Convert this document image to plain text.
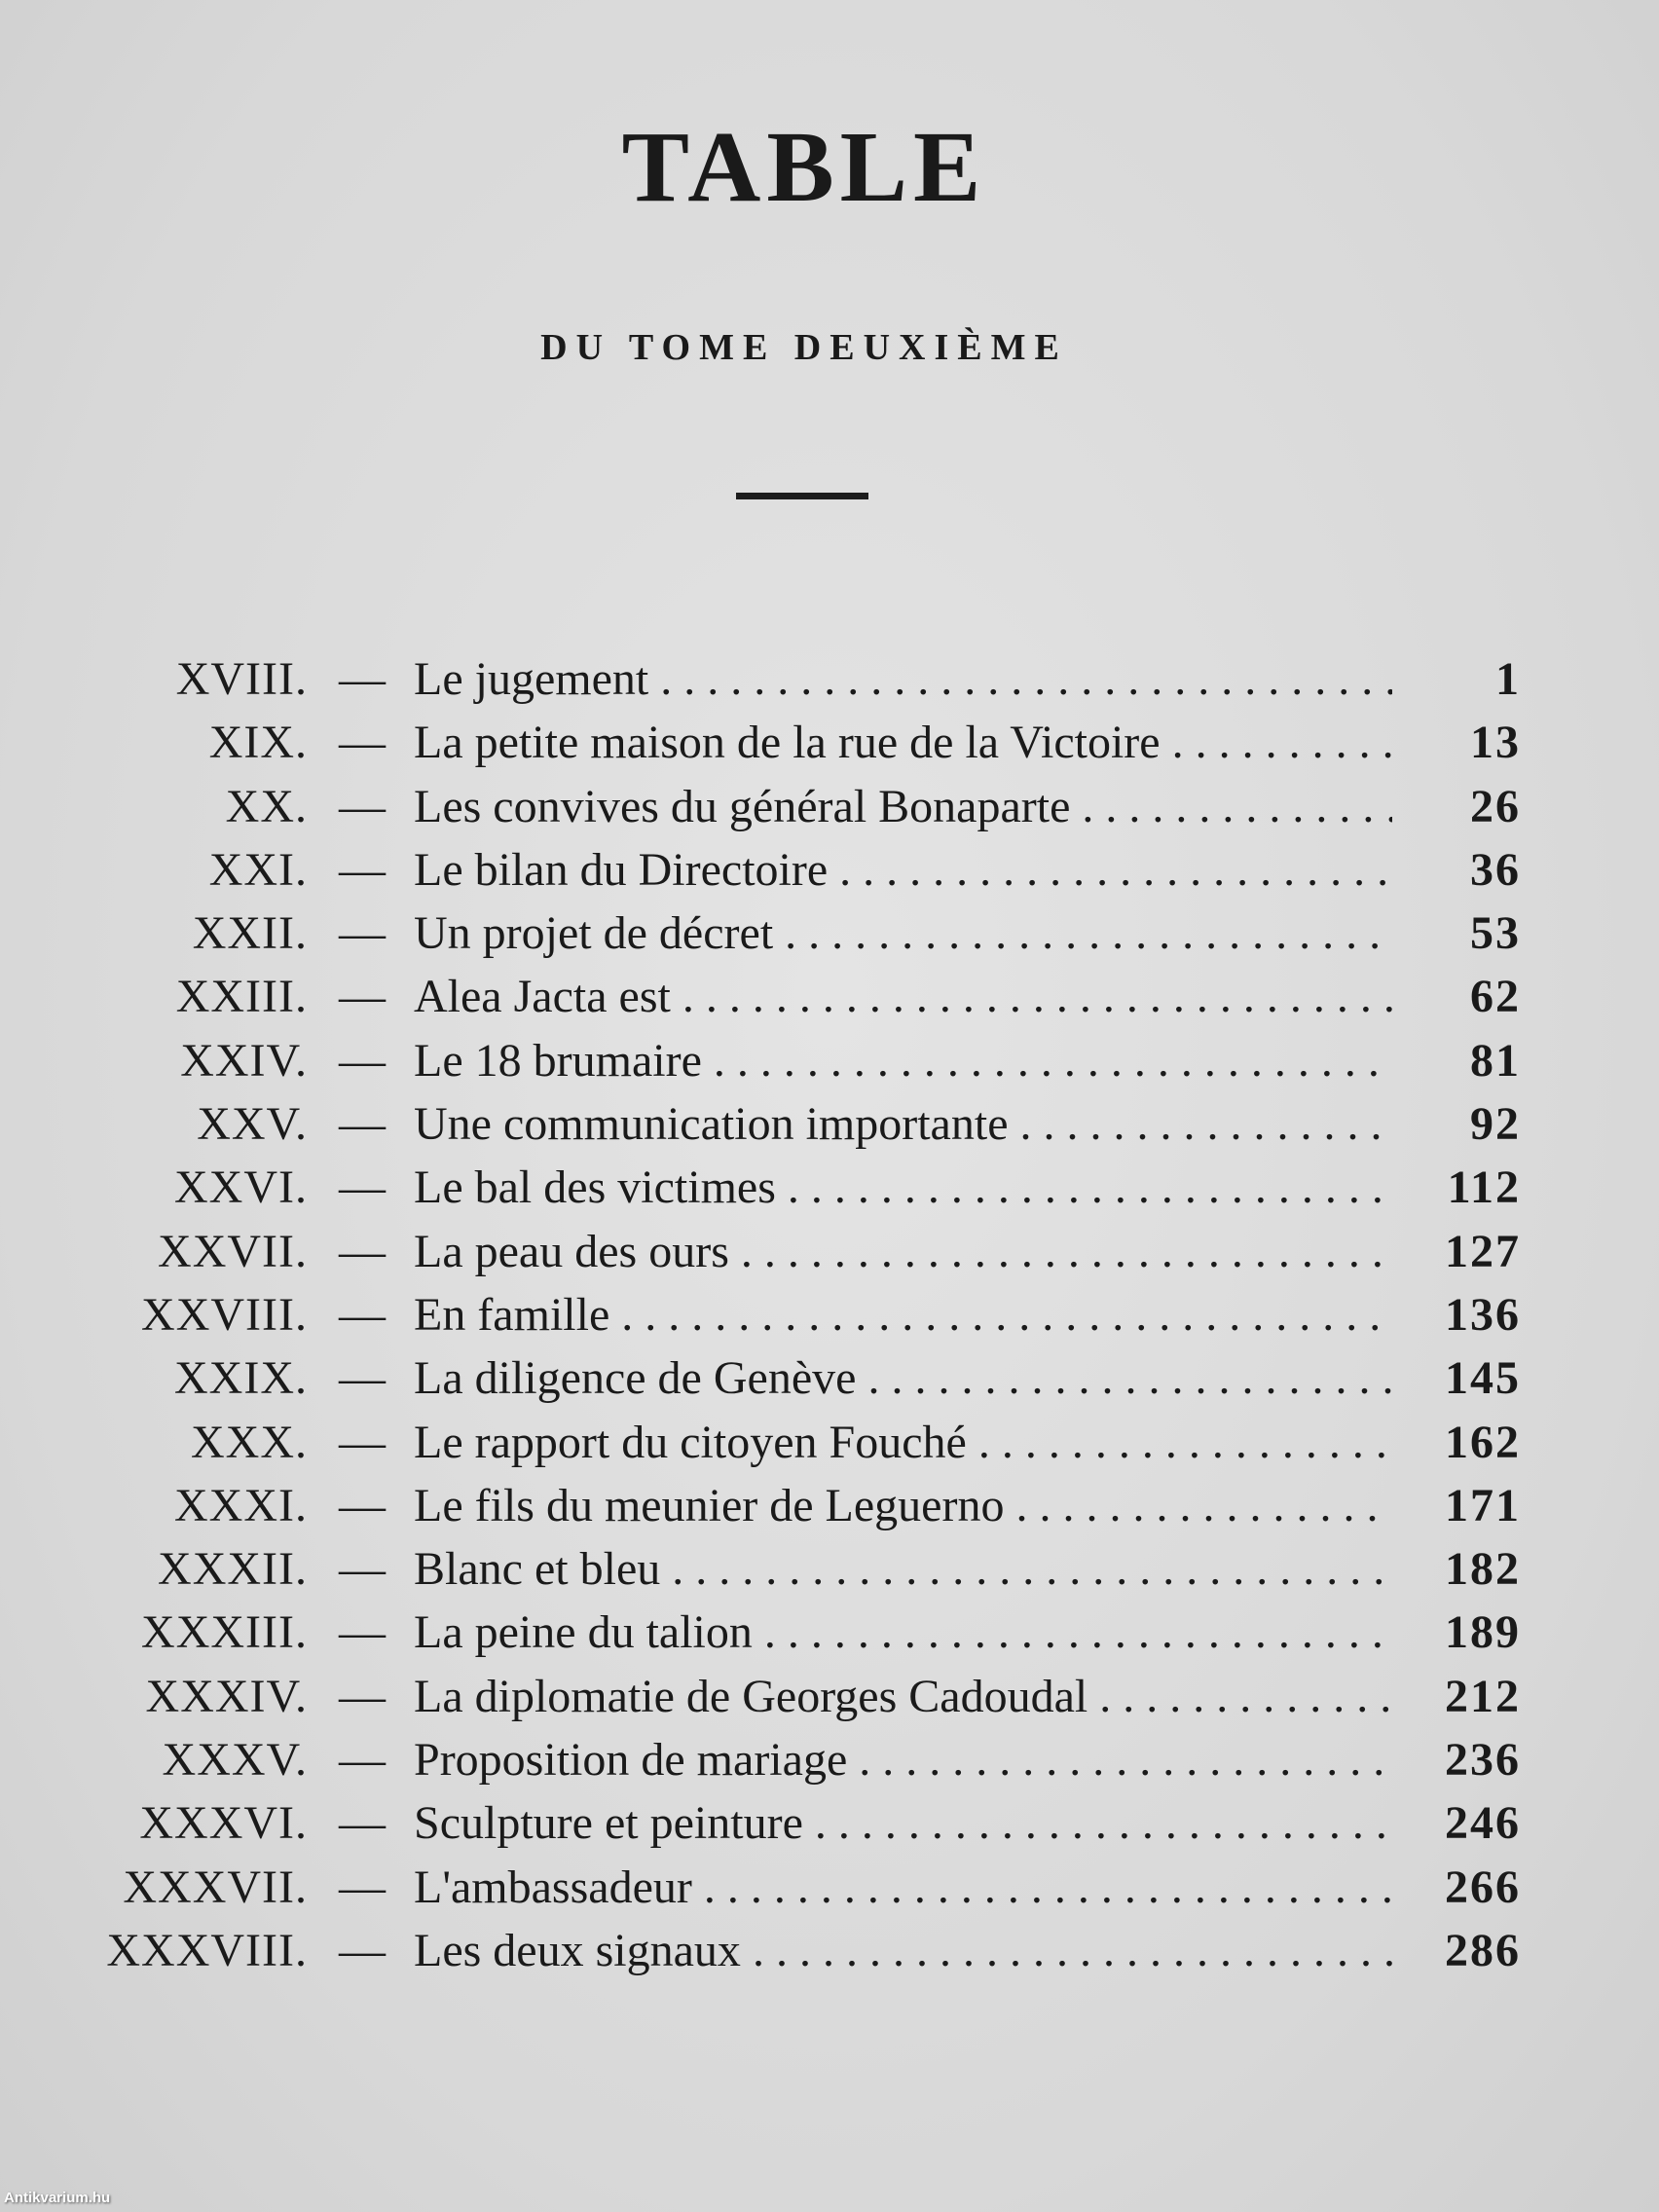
TABLE
DU TOME DEUXIÈME
XVIII. — Le jugement . . .	1
XIX. — La petite maison de la rue de la Victoire . . .	13
XX. — Les convives du général Bonaparte . . .	26
XXI. — Le bilan du Directoire . . .	36
XXII. — Un projet de décret . . .	53
XXIII. — Alea Jacta est . . .	62
XXIV. — Le 18 brumaire . . .	81
XXV. — Une communication importante . . .	92
XXVI. — Le bal des victimes . . .	112
XXVII. — La peau des ours . . .	127
XXVIII. — En famille . . .	136
XXIX. — La diligence de Genève . . .	145
XXX. — Le rapport du citoyen Fouché . . .	162
XXXI. — Le fils du meunier de Leguerno . . .	171
XXXII. — Blanc et bleu . . .	182
XXXIII. — La peine du talion . . .	189
XXXIV. — La diplomatie de Georges Cadoudal . . .	212
XXXV. — Proposition de mariage . . .	236
XXXVI. — Sculpture et peinture . . .	246
XXXVII. — L'ambassadeur . . .	266
XXXVIII. — Les deux signaux . . .	286
Antikvarium.hu
